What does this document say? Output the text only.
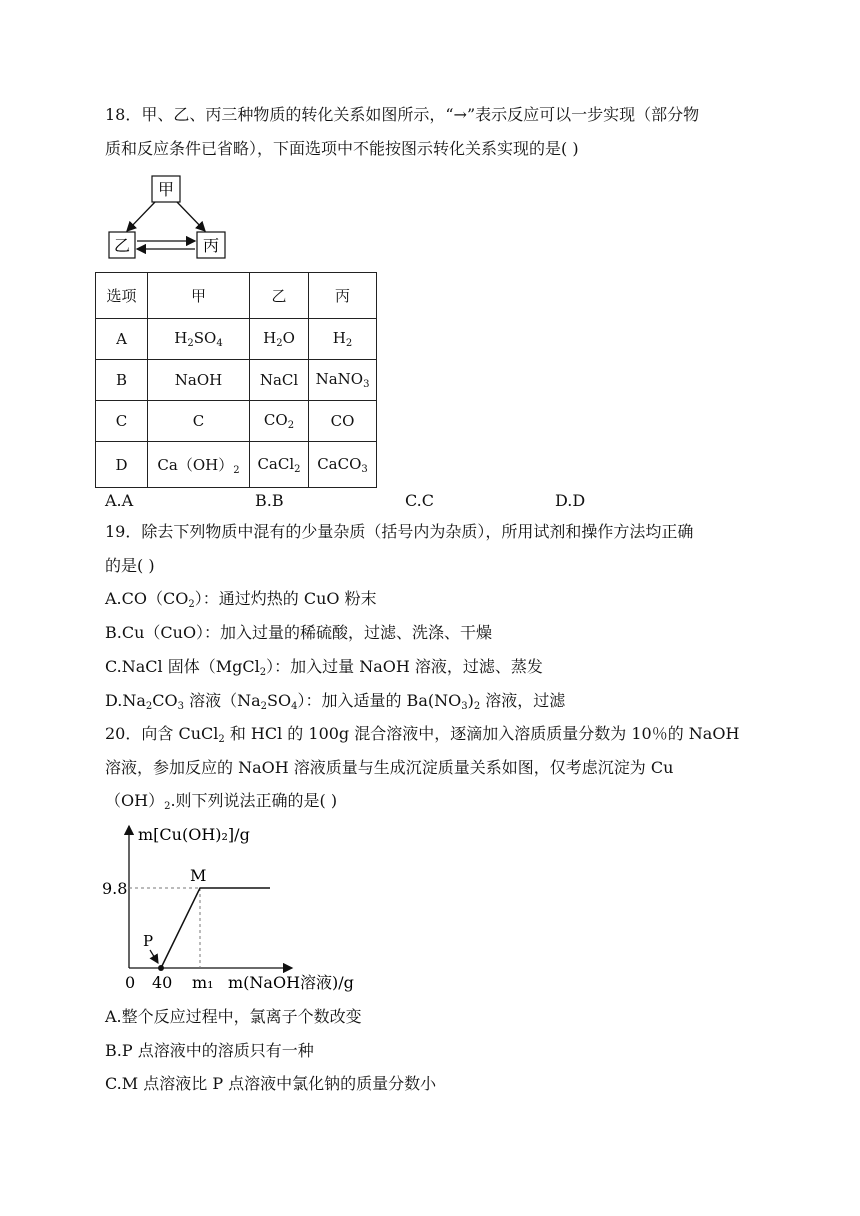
18．甲、乙、丙三种物质的转化关系如图所示，“→”表示反应可以一步实现（部分物
质和反应条件已省略），下面选项中不能按图示转化关系实现的是( )
甲
乙	丙
选项	甲	乙	丙
A	$H_2SO_4$	$H_2O$	$H_2$
B	NaOH	NaCl	NaNO$_3$
C	C	$CO_2$	CO
D	$Ca(OH)_2$	CaCl$_2$	CaCO$_3$
A.A	B.B	C.C	D.D
19．除去下列物质中混有的少量杂质（括号内为杂质），所用试剂和操作方法均正确
的是( )
$A.CO(CO_2)$：通过灼热的 CuO 粉末
B.Cu（CuO）：加入过量的稀硫酸，过滤、洗涤、干燥
C.NaCl 固体（MgCl$_2$）：加入过量 NaOH 溶液，过滤、蒸发
$D.Na_2CO_3$ 溶液$(Na_2SO_4)$：加入适量的 $Ba(NO_3)_2$ 溶液，过滤
20．向含 CuCl$_2$ 和 HCl 的 100g 混合溶液中，逐滴加入溶质质量分数为 10％的 NaOH
溶液，参加反应的 NaOH 溶液质量与生成沉淀质量关系如图，仅考虑沉淀为 Cu
$(OH)_2$.则下列说法正确的是( )
m[Cu(OH)₂]/g
9.8
0 40 m₁ m(NaOH溶液)/g
P
M
A.整个反应过程中，氯离子个数改变
B.P 点溶液中的溶质只有一种
C.M 点溶液比 P 点溶液中氯化钠的质量分数小
